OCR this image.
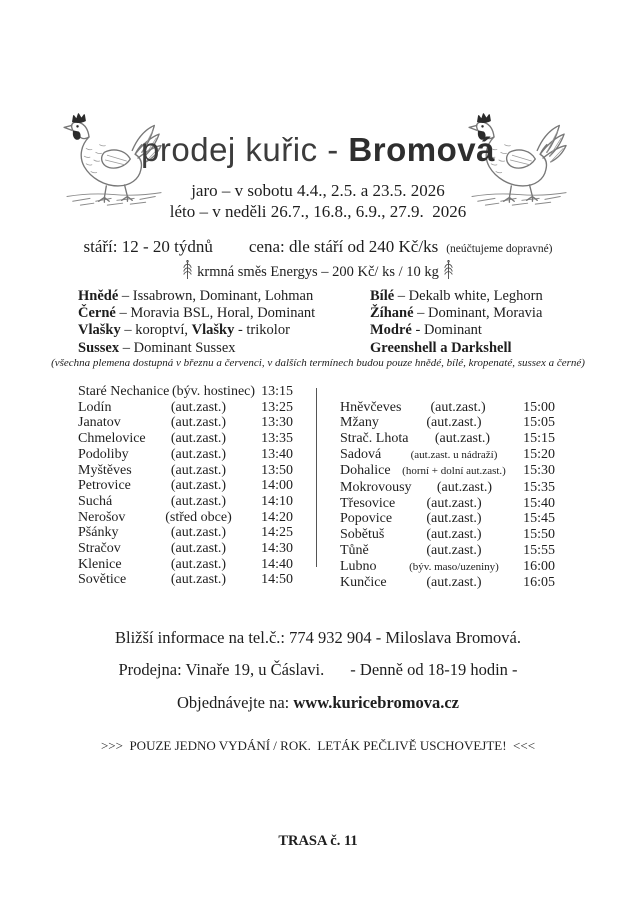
prodej kuřic - Bromová
jaro – v sobotu 4.4., 2.5. a 23.5. 2026
léto – v neděli 26.7., 16.8., 6.9., 27.9.  2026
stáří: 12 - 20 týdnů cena: dle stáří od 240 Kč/ks (neúčtujeme dopravné)
krmná směs Energys – 200 Kč/ ks / 10 kg
Hnědé – Issabrown, Dominant, Lohman
Černé – Moravia BSL, Horal, Dominant
Vlašky – koroptví, Vlašky - trikolor
Sussex – Dominant Sussex
Bílé – Dekalb white, Leghorn
Žíhané – Dominant, Moravia
Modré - Dominant
Greenshell a Darkshell
(všechna plemena dostupná v březnu a červenci, v dalších termínech budou pouze hnědé, bílé, kropenaté, sussex a černé)
Staré Nechanice (býv. hostinec) 13:15
Lodín	(aut.zast.)	13:25
Janatov	(aut.zast.)	13:30
Chmelovice	(aut.zast.)	13:35
Podoliby	(aut.zast.)	13:40
Myštěves	(aut.zast.)	13:50
Petrovice	(aut.zast.)	14:00
Suchá	(aut.zast.)	14:10
Nerošov	(střed obce)	14:20
Pšánky	(aut.zast.)	14:25
Stračov	(aut.zast.)	14:30
Klenice	(aut.zast.)	14:40
Sovětice	(aut.zast.)	14:50
Hněvčeves	(aut.zast.)	15:00
Mžany	(aut.zast.)	15:05
Strač. Lhota	(aut.zast.)	15:15
Sadová	(aut.zast. u nádraží)	15:20
Dohalice	(horní + dolní aut.zast.)	15:30
Mokrovousy	(aut.zast.)	15:35
Třesovice	(aut.zast.)	15:40
Popovice	(aut.zast.)	15:45
Sobětuš	(aut.zast.)	15:50
Tůně	(aut.zast.)	15:55
Lubno	(býv. maso/uzeniny)	16:00
Kunčice	(aut.zast.)	16:05
Bližší informace na tel.č.: 774 932 904 - Miloslava Bromová.
Prodejna: Vinaře 19, u Čáslavi. - Denně od 18-19 hodin -
Objednávejte na: www.kuricebromova.cz
>>>  POUZE JEDNO VYDÁNÍ / ROK.  LETÁK PEČLIVĚ USCHOVEJTE!  <<<
TRASA č. 11
